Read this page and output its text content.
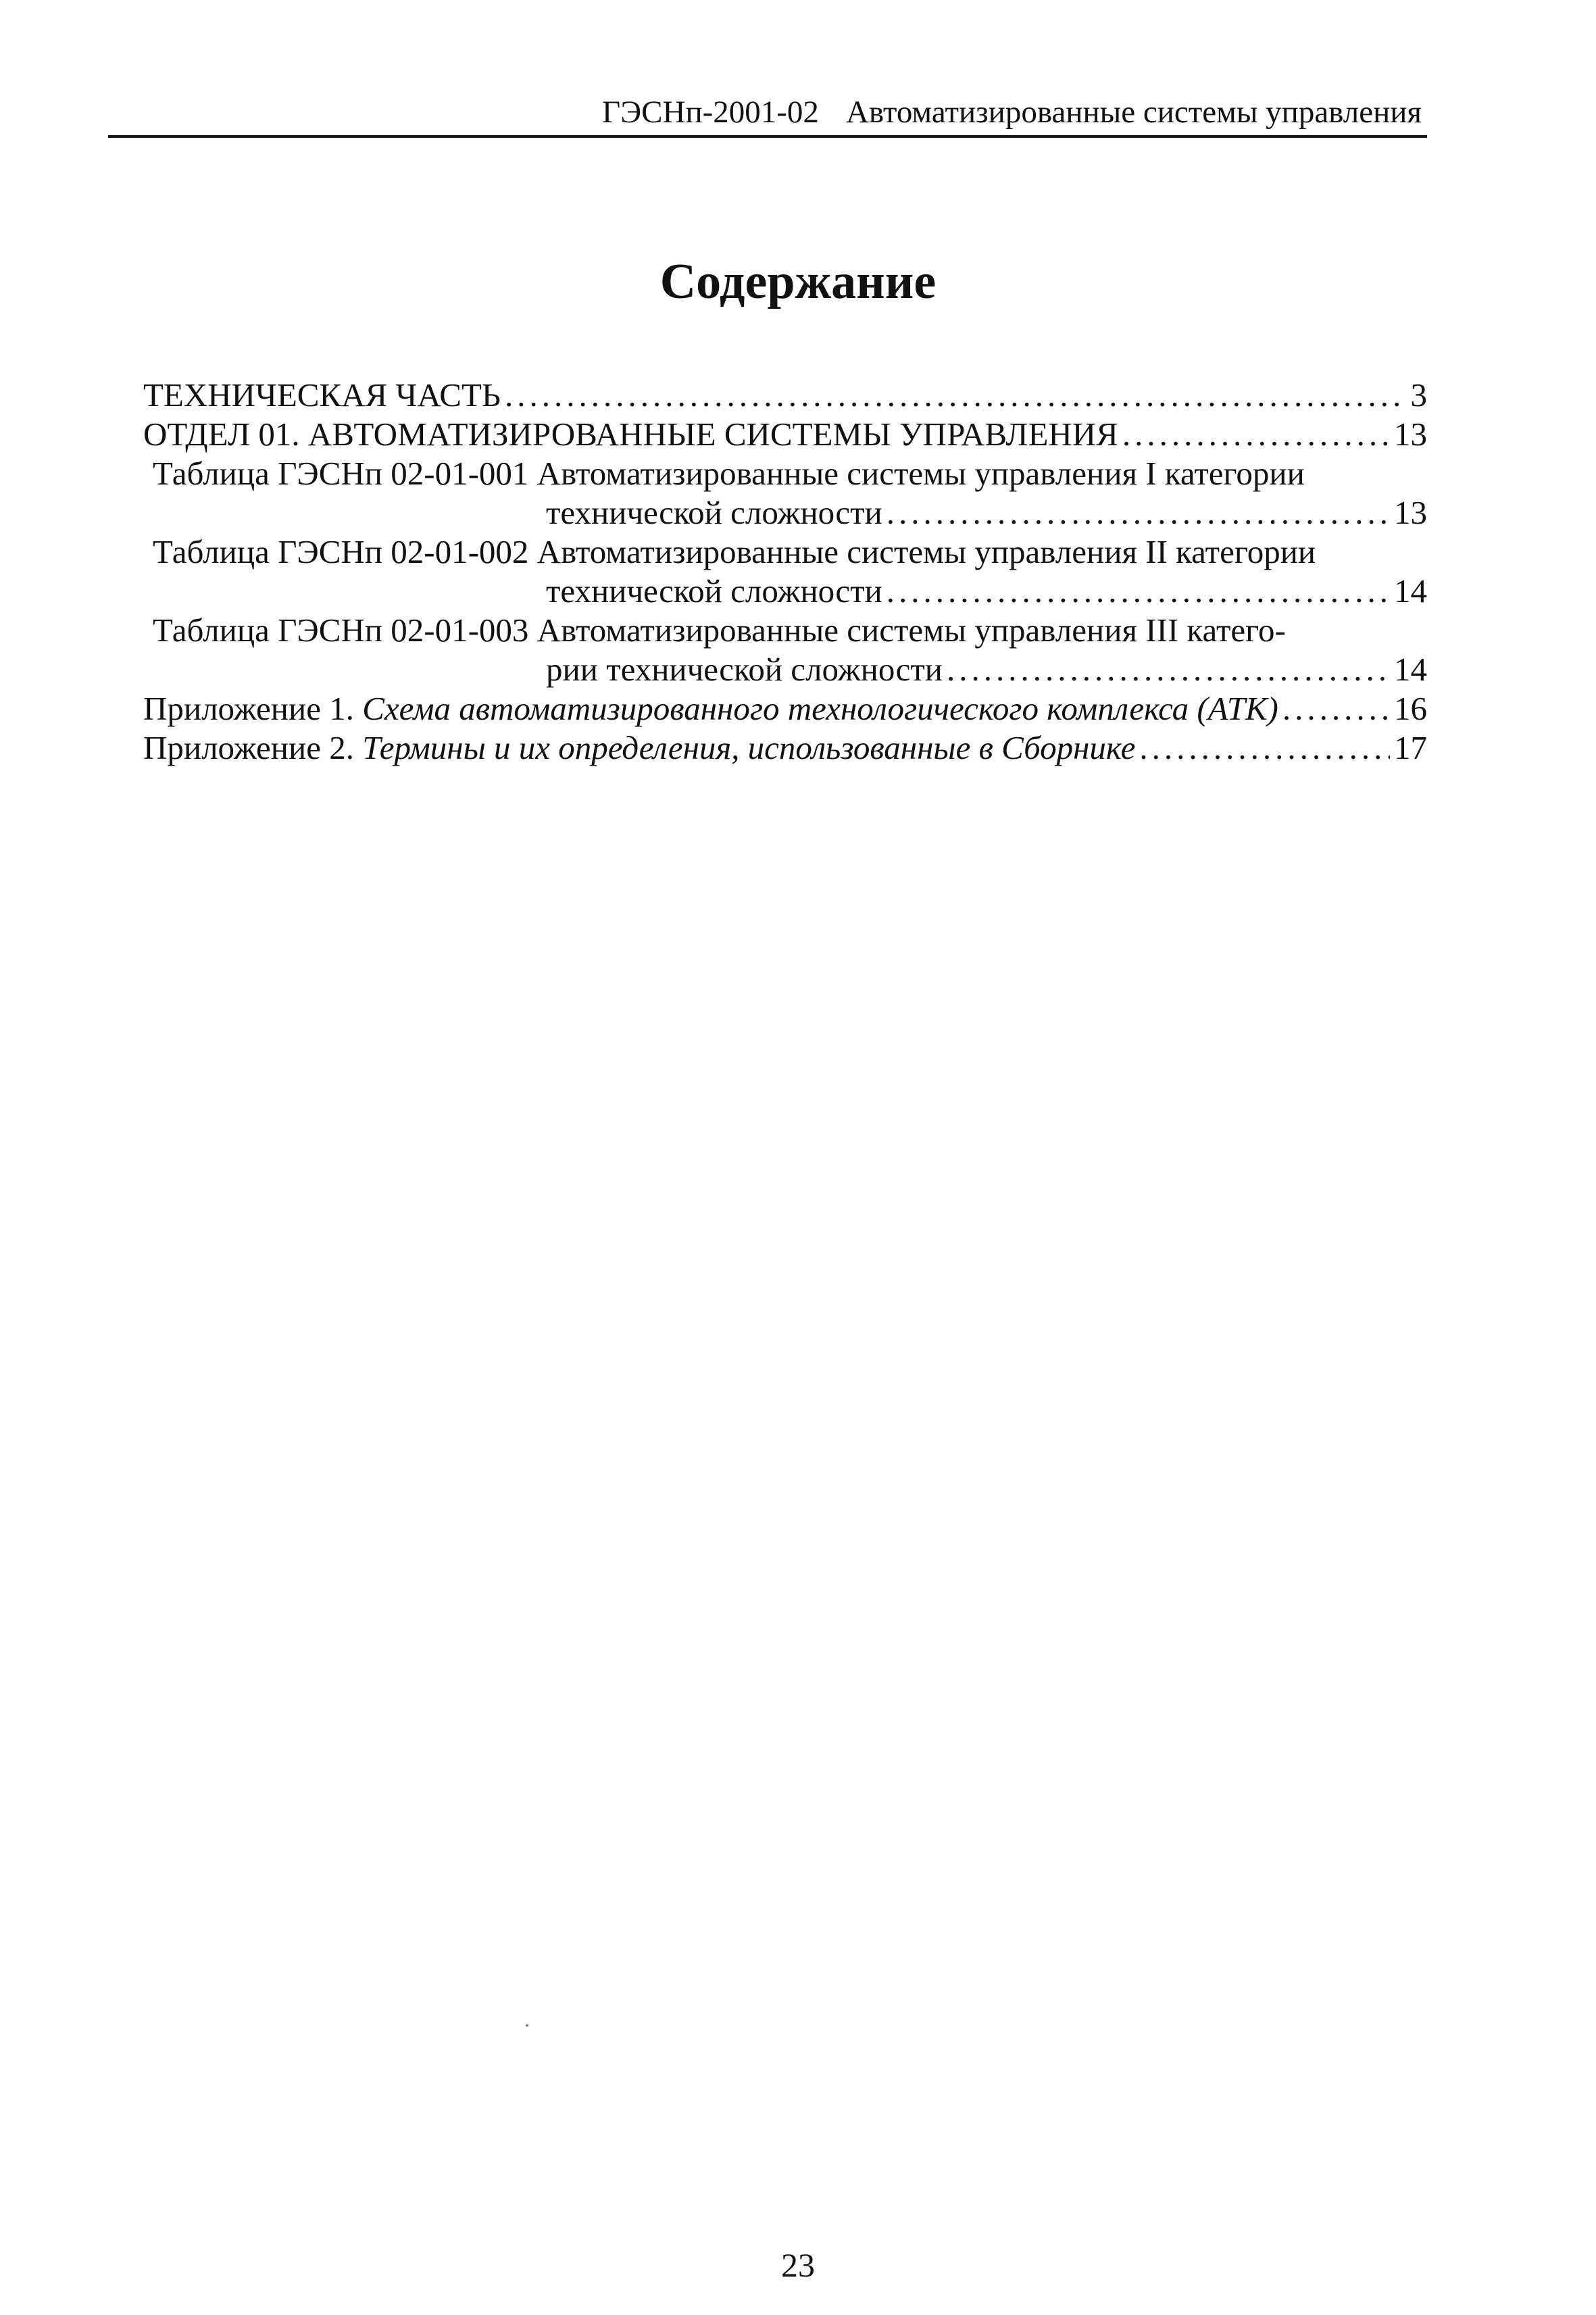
ГЭСНп-2001-02 Автоматизированные системы управления
Содержание
ТЕХНИЧЕСКАЯ ЧАСТЬ .....	3
ОТДЕЛ 01. АВТОМАТИЗИРОВАННЫЕ СИСТЕМЫ УПРАВЛЕНИЯ .....	13
Таблица ГЭСНп 02-01-001 Автоматизированные системы управления I категории
технической сложности .....	13
Таблица ГЭСНп 02-01-002 Автоматизированные системы управления II категории
технической сложности .....	14
Таблица ГЭСНп 02-01-003 Автоматизированные системы управления III катего-
рии технической сложности .....	14
Приложение 1. Схема автоматизированного технологического комплекса (АТК) .....	16
Приложение 2. Термины и их определения, использованные в Сборнике .....	17
23
